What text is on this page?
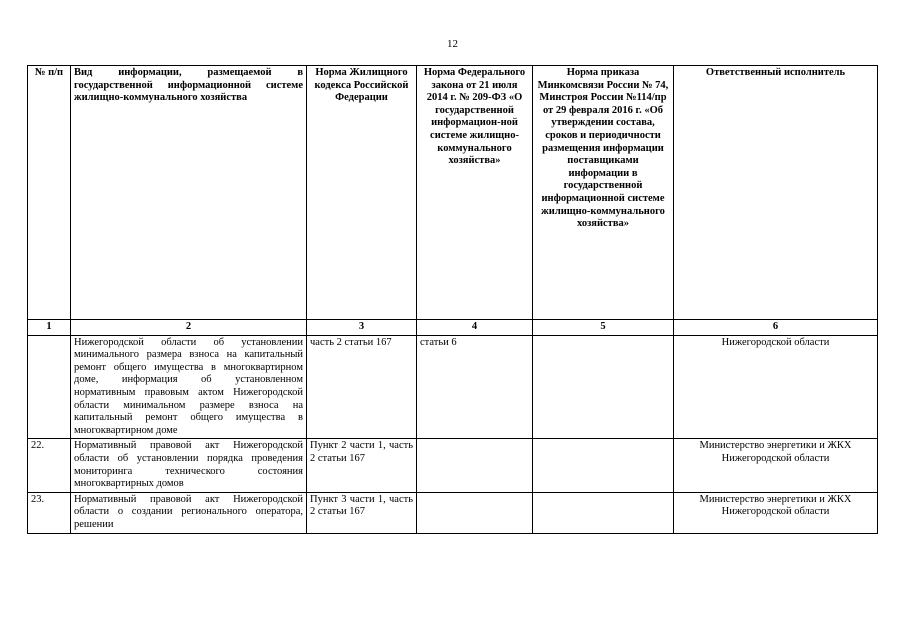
12
№ п/п	Вид информации, размещаемой в государственной информационной системе жилищно-коммунального хозяйства	Норма Жилищного кодекса Российской Федерации	Норма Федерального закона от 21 июля 2014 г. № 209-ФЗ «О государственной информацион-ной системе жилищно-коммунального хозяйства»	Норма приказа Минкомсвязи России № 74, Минстроя России №114/пр от 29 февраля 2016 г. «Об утверждении состава, сроков и периодичности размещения информации поставщиками информации в государственной информационной системе жилищно-коммунального хозяйства»	Ответственный исполнитель
1	2	3	4	5	6
	Нижегородской области об установлении минимального размера взноса на капитальный ремонт общего имущества в многоквартирном доме, информация об установленном нормативным правовым актом Нижегородской области минимальном размере взноса на капитальный ремонт общего имущества в многоквартирном доме	часть 2 статьи 167	статьи 6		Нижегородской области
22.	Нормативный правовой акт Нижегородской области об установлении порядка проведения мониторинга технического состояния многоквартирных домов	Пункт 2 части 1, часть 2 статьи 167			Министерство энергетики и ЖКХ Нижегородской области
23.	Нормативный правовой акт Нижегородской области о создании регионального оператора, решении	Пункт 3 части 1, часть 2 статьи 167			Министерство энергетики и ЖКХ Нижегородской области
